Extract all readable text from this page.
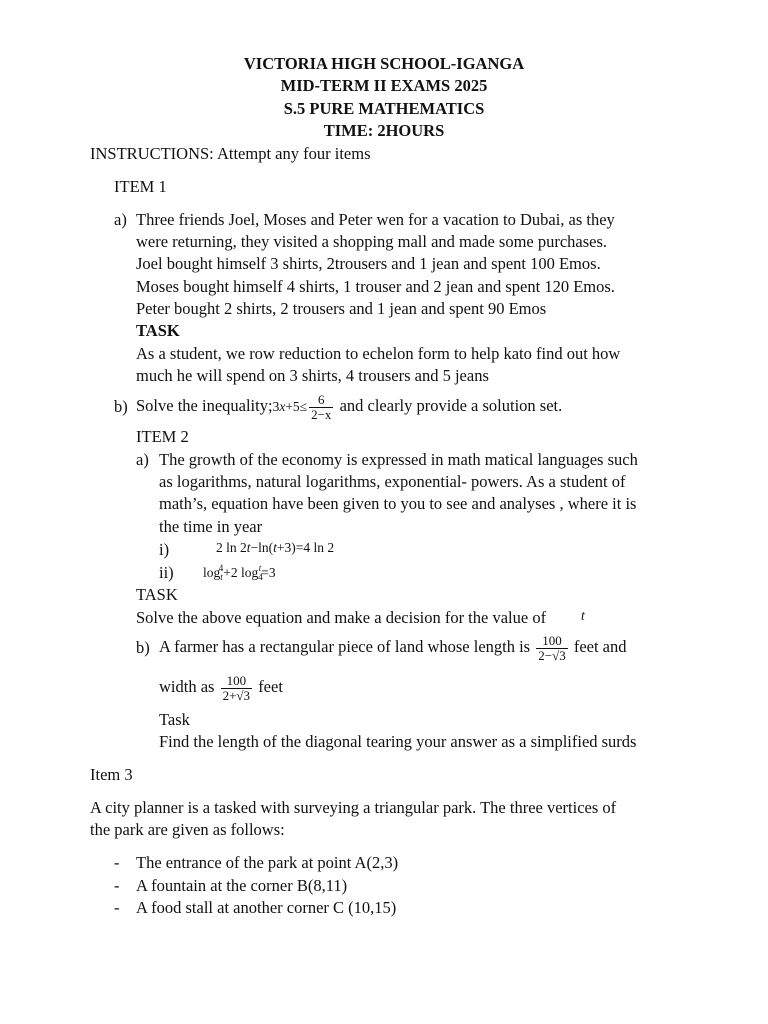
VICTORIA HIGH SCHOOL-IGANGA
MID-TERM II EXAMS 2025
S.5 PURE MATHEMATICS
TIME: 2HOURS
INSTRUCTIONS: Attempt any four items
ITEM 1
a) Three friends Joel, Moses and Peter wen for a vacation to Dubai, as they
were returning, they visited a shopping mall and made some purchases.
Joel bought himself 3 shirts, 2trousers and 1 jean and spent 100 Emos.
Moses bought himself 4 shirts, 1 trouser and 2 jean and spent 120 Emos.
Peter bought 2 shirts, 2 trousers and 1 jean and spent 90 Emos
TASK
As a student, we row reduction to echelon form to help kato find out how
much he will spend on 3 shirts, 4 trousers and 5 jeans
b) Solve the inequality;3x+5≤ $\frac{6}{2-x}$ and clearly provide a solution set.
ITEM 2
a) The growth of the economy is expressed in math matical languages such
as logarithms, natural logarithms, exponential- powers. As a student of
math’s, equation have been given to you to see and analyses , where it is
the time in year
i)	2 ln 2t−ln(t+3)=4 ln 2
ii) $\log_t^4+2$ $\log_4^t=3$
TASK
Solve the above equation and make a decision for the value of	t
b) A farmer has a rectangular piece of land whose length is $\frac{100}{2-√3}$ feet and
width as $\frac{100}{2+√3}$ feet
Task
Find the length of the diagonal tearing your answer as a simplified surds
Item 3
A city planner is a tasked with surveying a triangular park. The three vertices of
the park are given as follows:
- The entrance of the park at point A(2,3)
- A fountain at the corner B(8,11)
- A food stall at another corner C (10,15)
